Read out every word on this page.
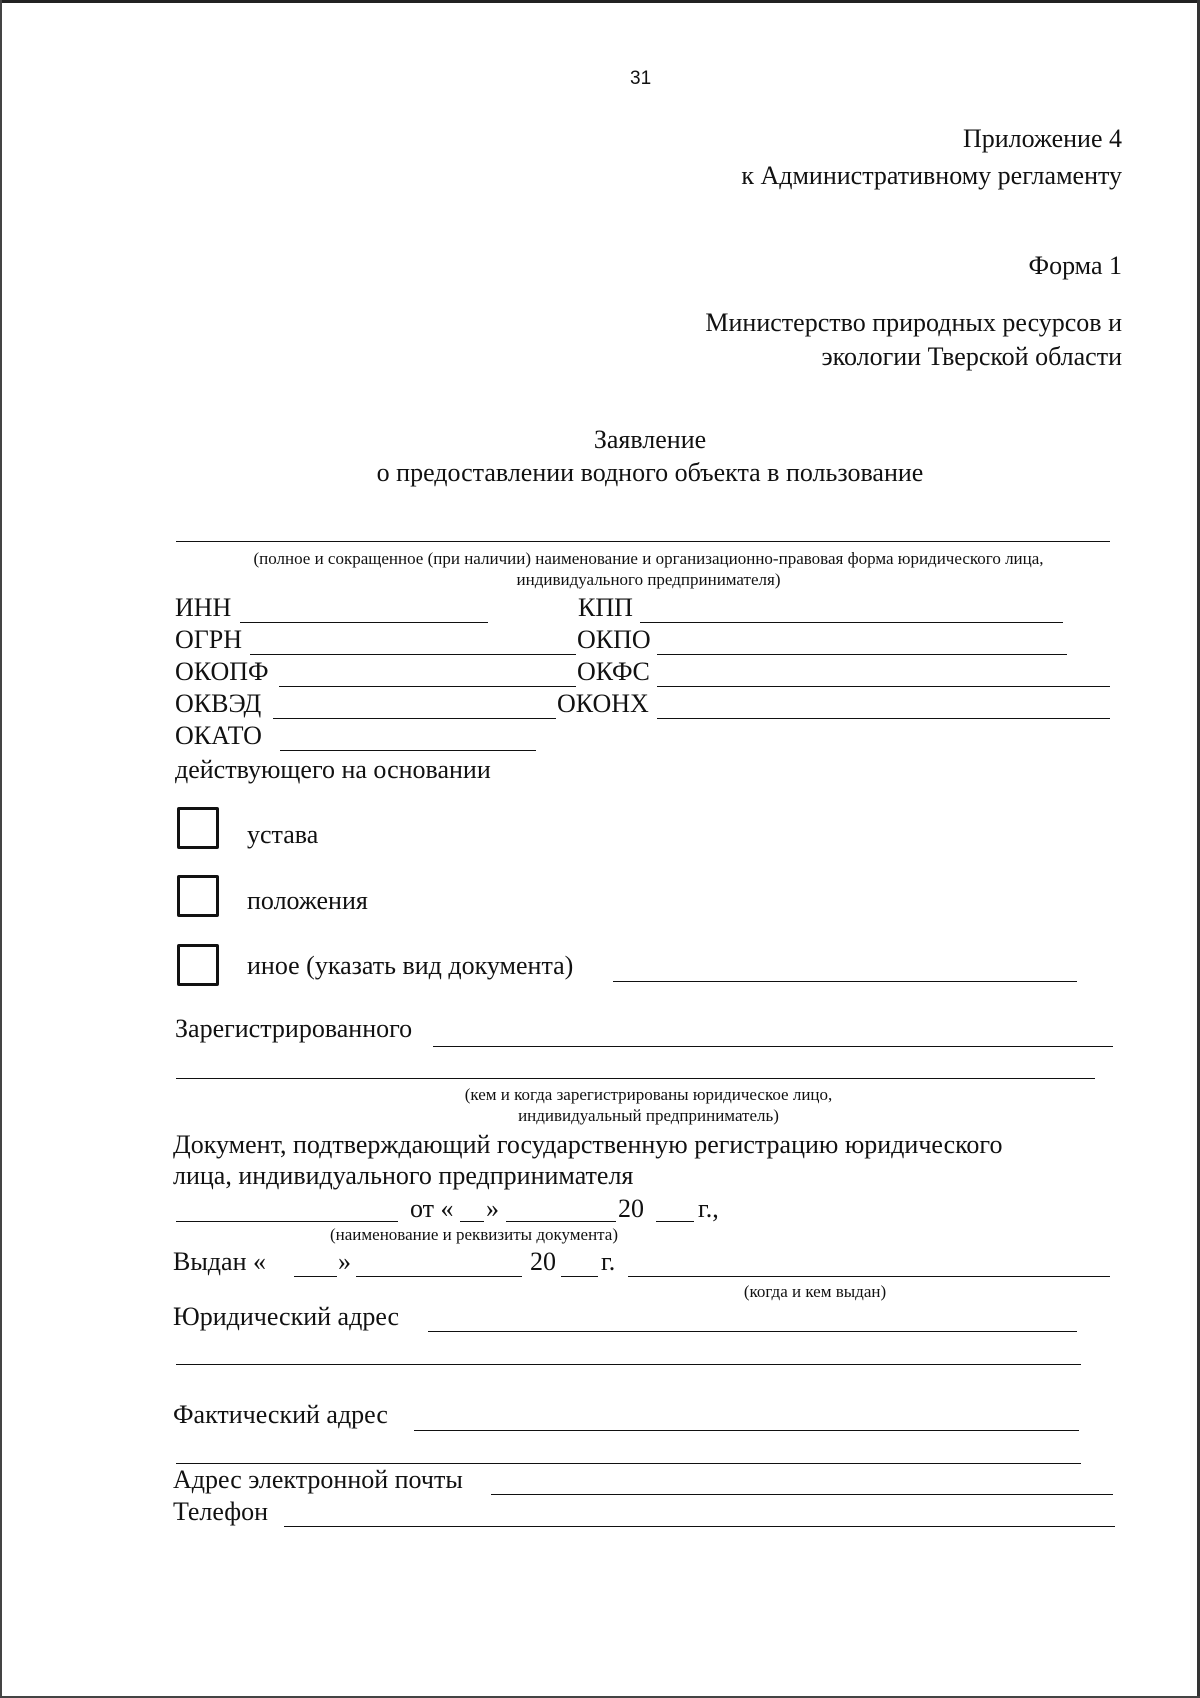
31
Приложение 4
к Административному регламенту
Форма 1
Министерство природных ресурсов и
экологии Тверской области
Заявление
о предоставлении водного объекта в пользование
(полное и сокращенное (при наличии) наименование и организационно-правовая форма юридического лица,
индивидуального предпринимателя)
ИНН	КПП
ОГРН	ОКПО
ОКОПФ	ОКФС
ОКВЭД	ОКОНХ
ОКАТО
действующего на основании
устава
положения
иное (указать вид документа)
Зарегистрированного
(кем и когда зарегистрированы юридическое лицо,
индивидуальный предприниматель)
Документ, подтверждающий государственную регистрацию юридического
лица, индивидуального предпринимателя
от « »	20 г.,
(наименование и реквизиты документа)
Выдан «	»	20 г.
(когда и кем выдан)
Юридический адрес
Фактический адрес
Адрес электронной почты
Телефон
